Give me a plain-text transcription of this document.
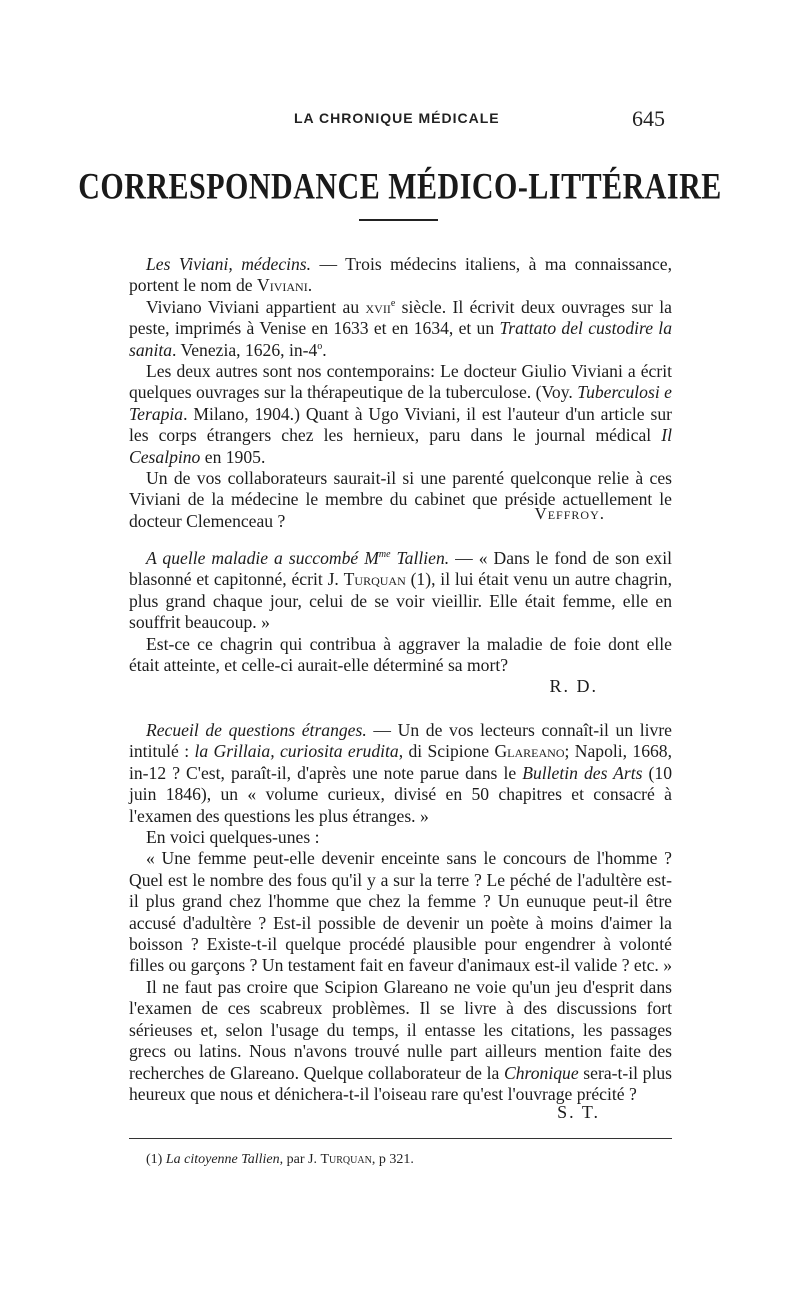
LA CHRONIQUE MÉDICALE	645
CORRESPONDANCE MÉDICO-LITTÉRAIRE

Les Viviani, médecins. — Trois médecins italiens, à ma connaissance, portent le nom de Viviani.

Viviano Viviani appartient au xvii$^e$ siècle. Il écrivit deux ouvrages sur la peste, imprimés à Venise en 1633 et en 1634, et un Trattato del custodire la sanita. Venezia, 1626, in-4$^o$.

Les deux autres sont nos contemporains: Le docteur Giulio Viviani a écrit quelques ouvrages sur la thérapeutique de la tuberculose. (Voy. Tuberculosi e Terapia. Milano, 1904.) Quant à Ugo Viviani, il est l'auteur d'un article sur les corps étrangers chez les hernieux, paru dans le journal médical Il Cesalpino en 1905.

Un de vos collaborateurs saurait-il si une parenté quelconque relie à ces Viviani de la médecine le membre du cabinet que préside actuellement le docteur Clemenceau ?	Veffroy.

A quelle maladie a succombé $M^{me}$ Tallien. — « Dans le fond de son exil blasonné et capitonné, écrit J. Turquan (1), il lui était venu un autre chagrin, plus grand chaque jour, celui de se voir vieillir. Elle était femme, elle en souffrit beaucoup. »

Est-ce ce chagrin qui contribua à aggraver la maladie de foie dont elle était atteinte, et celle-ci aurait-elle déterminé sa mort?

R. D.

Recueil de questions étranges. — Un de vos lecteurs connaît-il un livre intitulé : la Grillaia, curiosita erudita, di Scipione Glareano; Napoli, 1668, in-12 ? C'est, paraît-il, d'après une note parue dans le Bulletin des Arts (10 juin 1846), un « volume curieux, divisé en 50 chapitres et consacré à l'examen des questions les plus étranges. »

En voici quelques-unes :

« Une femme peut-elle devenir enceinte sans le concours de l'homme ? Quel est le nombre des fous qu'il y a sur la terre ? Le péché de l'adultère est-il plus grand chez l'homme que chez la femme ? Un eunuque peut-il être accusé d'adultère ? Est-il possible de devenir un poète à moins d'aimer la boisson ? Existe-t-il quelque procédé plausible pour engendrer à volonté filles ou garçons ? Un testament fait en faveur d'animaux est-il valide ? etc. »

Il ne faut pas croire que Scipion Glareano ne voie qu'un jeu d'esprit dans l'examen de ces scabreux problèmes. Il se livre à des discussions fort sérieuses et, selon l'usage du temps, il entasse les citations, les passages grecs ou latins. Nous n'avons trouvé nulle part ailleurs mention faite des recherches de Glareano. Quelque collaborateur de la Chronique sera-t-il plus heureux que nous et dénichera-t-il l'oiseau rare qu'est l'ouvrage précité ?

S. T.
(1) La citoyenne Tallien, par J. Turquan, p 321.
